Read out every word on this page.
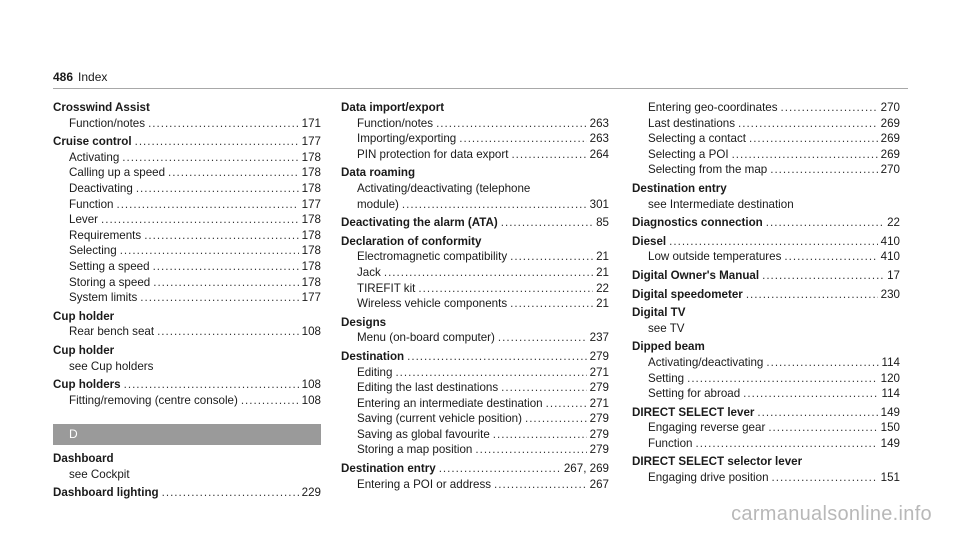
486 Index
Crosswind Assist
Function/notes .....	171
Cruise control .....	177
Activating .....	178
Calling up a speed .....	178
Deactivating .....	178
Function .....	177
Lever .....	178
Requirements .....	178
Selecting .....	178
Setting a speed .....	178
Storing a speed .....	178
System limits .....	177
Cup holder
Rear bench seat .....	108
Cup holder
see Cup holders
Cup holders .....	108
Fitting/removing (centre console) .....	108
D
Dashboard
see Cockpit
Dashboard lighting .....	229
Data import/export
Function/notes .....	263
Importing/exporting .....	263
PIN protection for data export .....	264
Data roaming
Activating/deactivating (telephone
module) .....	301
Deactivating the alarm (ATA) .....	85
Declaration of conformity
Electromagnetic compatibility .....	21
Jack .....	21
TIREFIT kit .....	22
Wireless vehicle components .....	21
Designs
Menu (on-board computer) .....	237
Destination .....	279
Editing .....	271
Editing the last destinations .....	279
Entering an intermediate destination .....	271
Saving (current vehicle position) .....	279
Saving as global favourite .....	279
Storing a map position .....	279
Destination entry .....	267, 269
Entering a POI or address .....	267
Entering geo-coordinates .....	270
Last destinations .....	269
Selecting a contact .....	269
Selecting a POI .....	269
Selecting from the map .....	270
Destination entry
see Intermediate destination
Diagnostics connection .....	22
Diesel .....	410
Low outside temperatures .....	410
Digital Owner's Manual .....	17
Digital speedometer .....	230
Digital TV
see TV
Dipped beam
Activating/deactivating .....	114
Setting .....	120
Setting for abroad .....	114
DIRECT SELECT lever .....	149
Engaging reverse gear .....	150
Function .....	149
DIRECT SELECT selector lever
Engaging drive position .....	151
carmanualsonline.info
